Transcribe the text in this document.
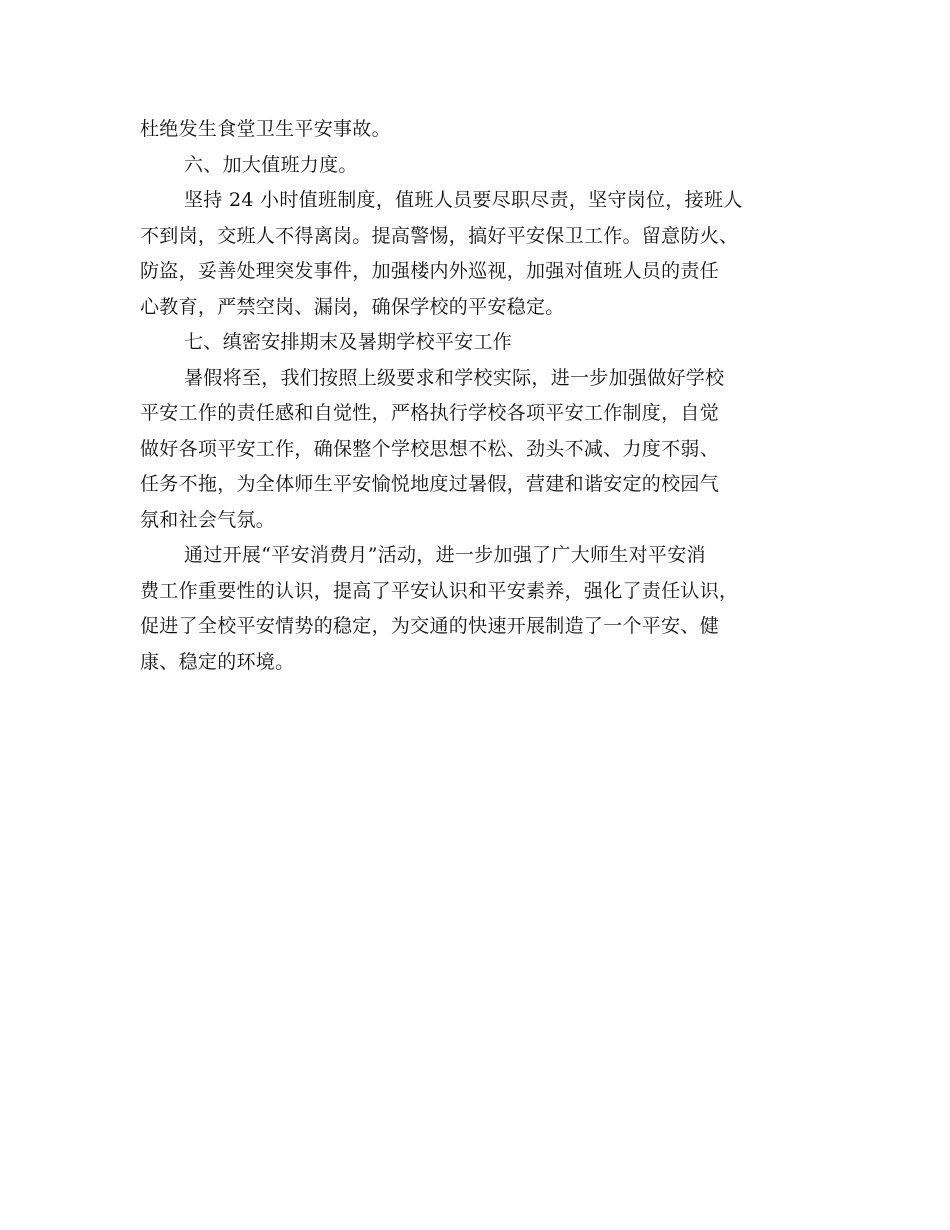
杜绝发生食堂卫生平安事故。
六、加大值班力度。
坚持 24 小时值班制度，值班人员要尽职尽责，坚守岗位，接班人
不到岗，交班人不得离岗。提高警惕，搞好平安保卫工作。留意防火、
防盗，妥善处理突发事件，加强楼内外巡视，加强对值班人员的责任
心教育，严禁空岗、漏岗，确保学校的平安稳定。
七、缜密安排期末及暑期学校平安工作
暑假将至，我们按照上级要求和学校实际，进一步加强做好学校
平安工作的责任感和自觉性，严格执行学校各项平安工作制度，自觉
做好各项平安工作，确保整个学校思想不松、劲头不减、力度不弱、
任务不拖，为全体师生平安愉悦地度过暑假，营建和谐安定的校园气
氛和社会气氛。
通过开展“平安消费月”活动，进一步加强了广大师生对平安消
费工作重要性的认识，提高了平安认识和平安素养，强化了责任认识，
促进了全校平安情势的稳定，为交通的快速开展制造了一个平安、健
康、稳定的环境。
